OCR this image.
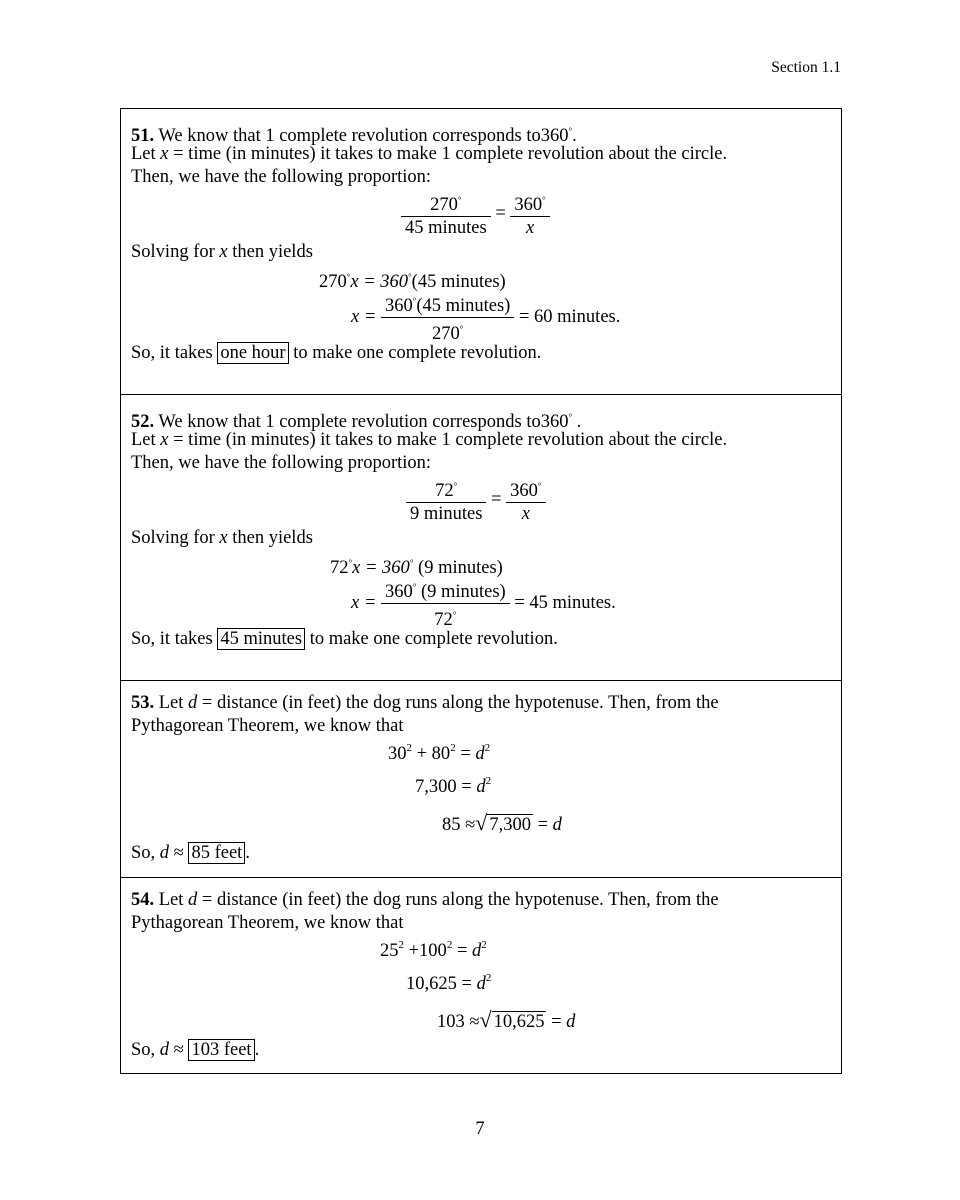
Section 1.1
51. We know that 1 complete revolution corresponds to360°.
Let x = time (in minutes) it takes to make 1 complete revolution about the circle.
Then, we have the following proportion:
$\frac{270^\circ}{\text{45 minutes}} = \frac{360^\circ}{x}$
Solving for x then yields
270°x = 360°(45 minutes)
$x = \frac{360^\circ(45 minutes)}{270^\circ} = 60$ minutes.
So, it takes one hour to make one complete revolution.
52. We know that 1 complete revolution corresponds to360° .
Let x = time (in minutes) it takes to make 1 complete revolution about the circle.
Then, we have the following proportion:
$\frac{72^\circ}{\text{9 minutes}} = \frac{360^\circ}{x}$
Solving for x then yields
72°x = 360° (9 minutes)
$x = \frac{360^\circ (9 minutes)}{72^\circ} = 45$ minutes.
So, it takes 45 minutes to make one complete revolution.
53. Let d = distance (in feet) the dog runs along the hypotenuse. Then, from the
Pythagorean Theorem, we know that
$30^2 + 80^2 = d^2$
$7,300 = d^2$
85 ≈√ 7,300 = d
So, d ≈ 85 feet .
54. Let d = distance (in feet) the dog runs along the hypotenuse. Then, from the
Pythagorean Theorem, we know that
$25^2 +100^2 = d^2$
$10,625 = d^2$
103 ≈√ 10,625 = d
So, d ≈ 103 feet .
7
